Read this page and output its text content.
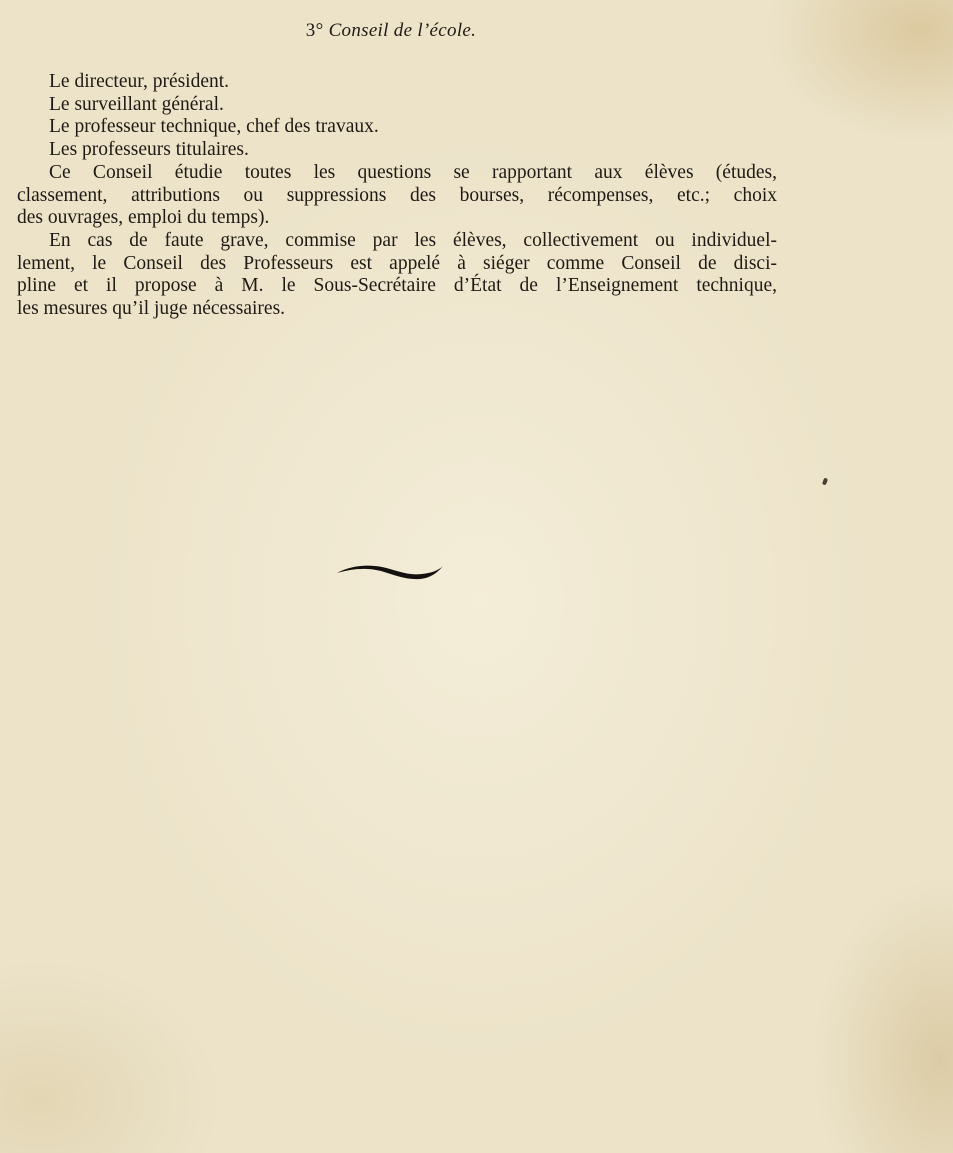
3° Conseil de l’école.
Le directeur, président.
Le surveillant général.
Le professeur technique, chef des travaux.
Les professeurs titulaires.
Ce Conseil étudie toutes les questions se rapportant aux élèves (études,
classement, attributions ou suppressions des bourses, récompenses, etc.; choix
des ouvrages, emploi du temps).
En cas de faute grave, commise par les élèves, collectivement ou individuel-
lement, le Conseil des Professeurs est appelé à siéger comme Conseil de disci-
pline et il propose à M. le Sous-Secrétaire d’État de l’Enseignement technique,
les mesures qu’il juge nécessaires.
